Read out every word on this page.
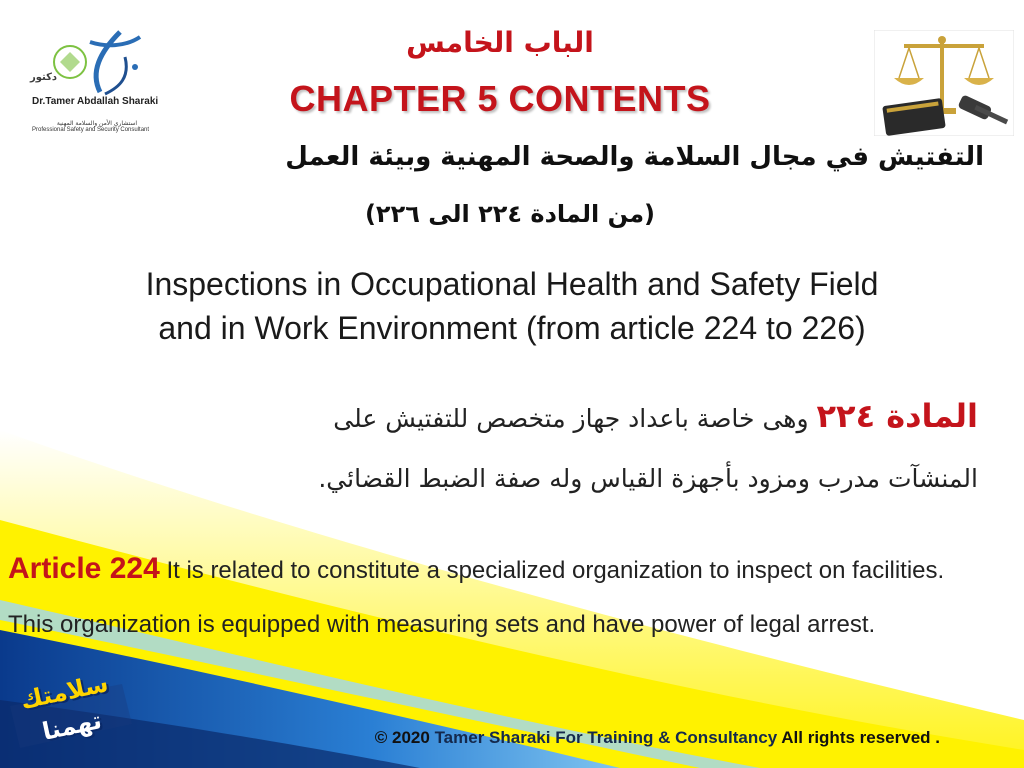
دكتور
Dr.Tamer Abdallah Sharaki
استشاري الأمن والسلامة المهنية
Professional Safety and Security Consultant
الباب الخامس
CHAPTER 5 CONTENTS
التفتيش في مجال السلامة والصحة المهنية وبيئة العمل
(من المادة ٢٢٤ الى ٢٢٦)
Inspections in Occupational Health and Safety Field
and in Work Environment (from article 224 to 226)
المادة ٢٢٤ وهى خاصة باعداد جهاز متخصص للتفتيش على
المنشآت مدرب ومزود بأجهزة القياس وله صفة الضبط القضائي.
Article 224 It is related to constitute a specialized organization to inspect on facilities. This organization is equipped with measuring sets and have power of legal arrest.
سلامتك
تهمنا	© 2020 Tamer Sharaki For Training & Consultancy All rights reserved .
